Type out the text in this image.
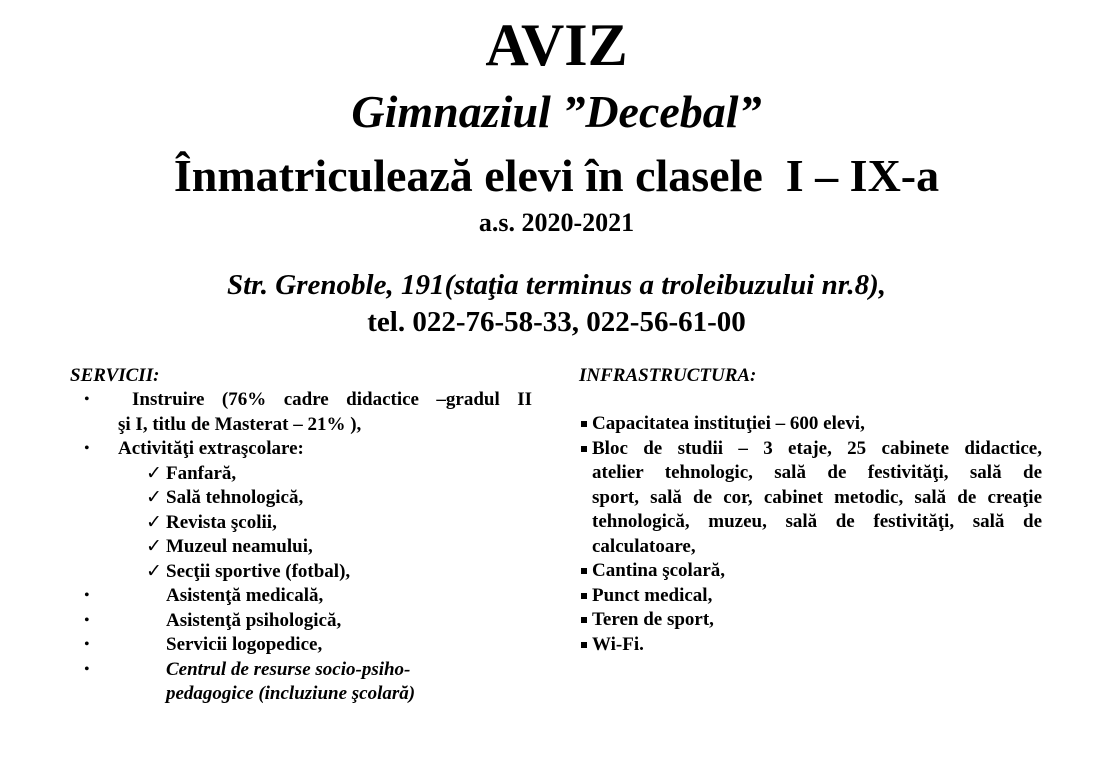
AVIZ
Gimnaziul ”Decebal”
Înmatriculează elevi în clasele  I – IX-a
a.s. 2020-2021
Str. Grenoble, 191(staţia terminus a troleibuzului nr.8),
tel. 022-76-58-33, 022-56-61-00
SERVICII:
•	Instruire (76% cadre didactice –gradul II
şi I, titlu de Masterat – 21% ),
•	Activităţi extraşcolare:
✓ Fanfară,
✓ Sală tehnologică,
✓ Revista şcolii,
✓ Muzeul neamului,
✓ Secţii sportive (fotbal),
•	Asistenţă medicală,
•	Asistenţă psihologică,
•	Servicii logopedice,
•	Centrul de resurse socio-psiho-
pedagogice (incluziune şcolară)
INFRASTRUCTURA:
Capacitatea instituţiei – 600 elevi,
Bloc de studii – 3 etaje, 25 cabinete didactice,
atelier tehnologic, sală de festivităţi, sală de
sport, sală de cor, cabinet metodic, sală de creaţie
tehnologică, muzeu, sală de festivităţi, sală de
calculatoare,
Cantina şcolară,
Punct medical,
Teren de sport,
Wi-Fi.
